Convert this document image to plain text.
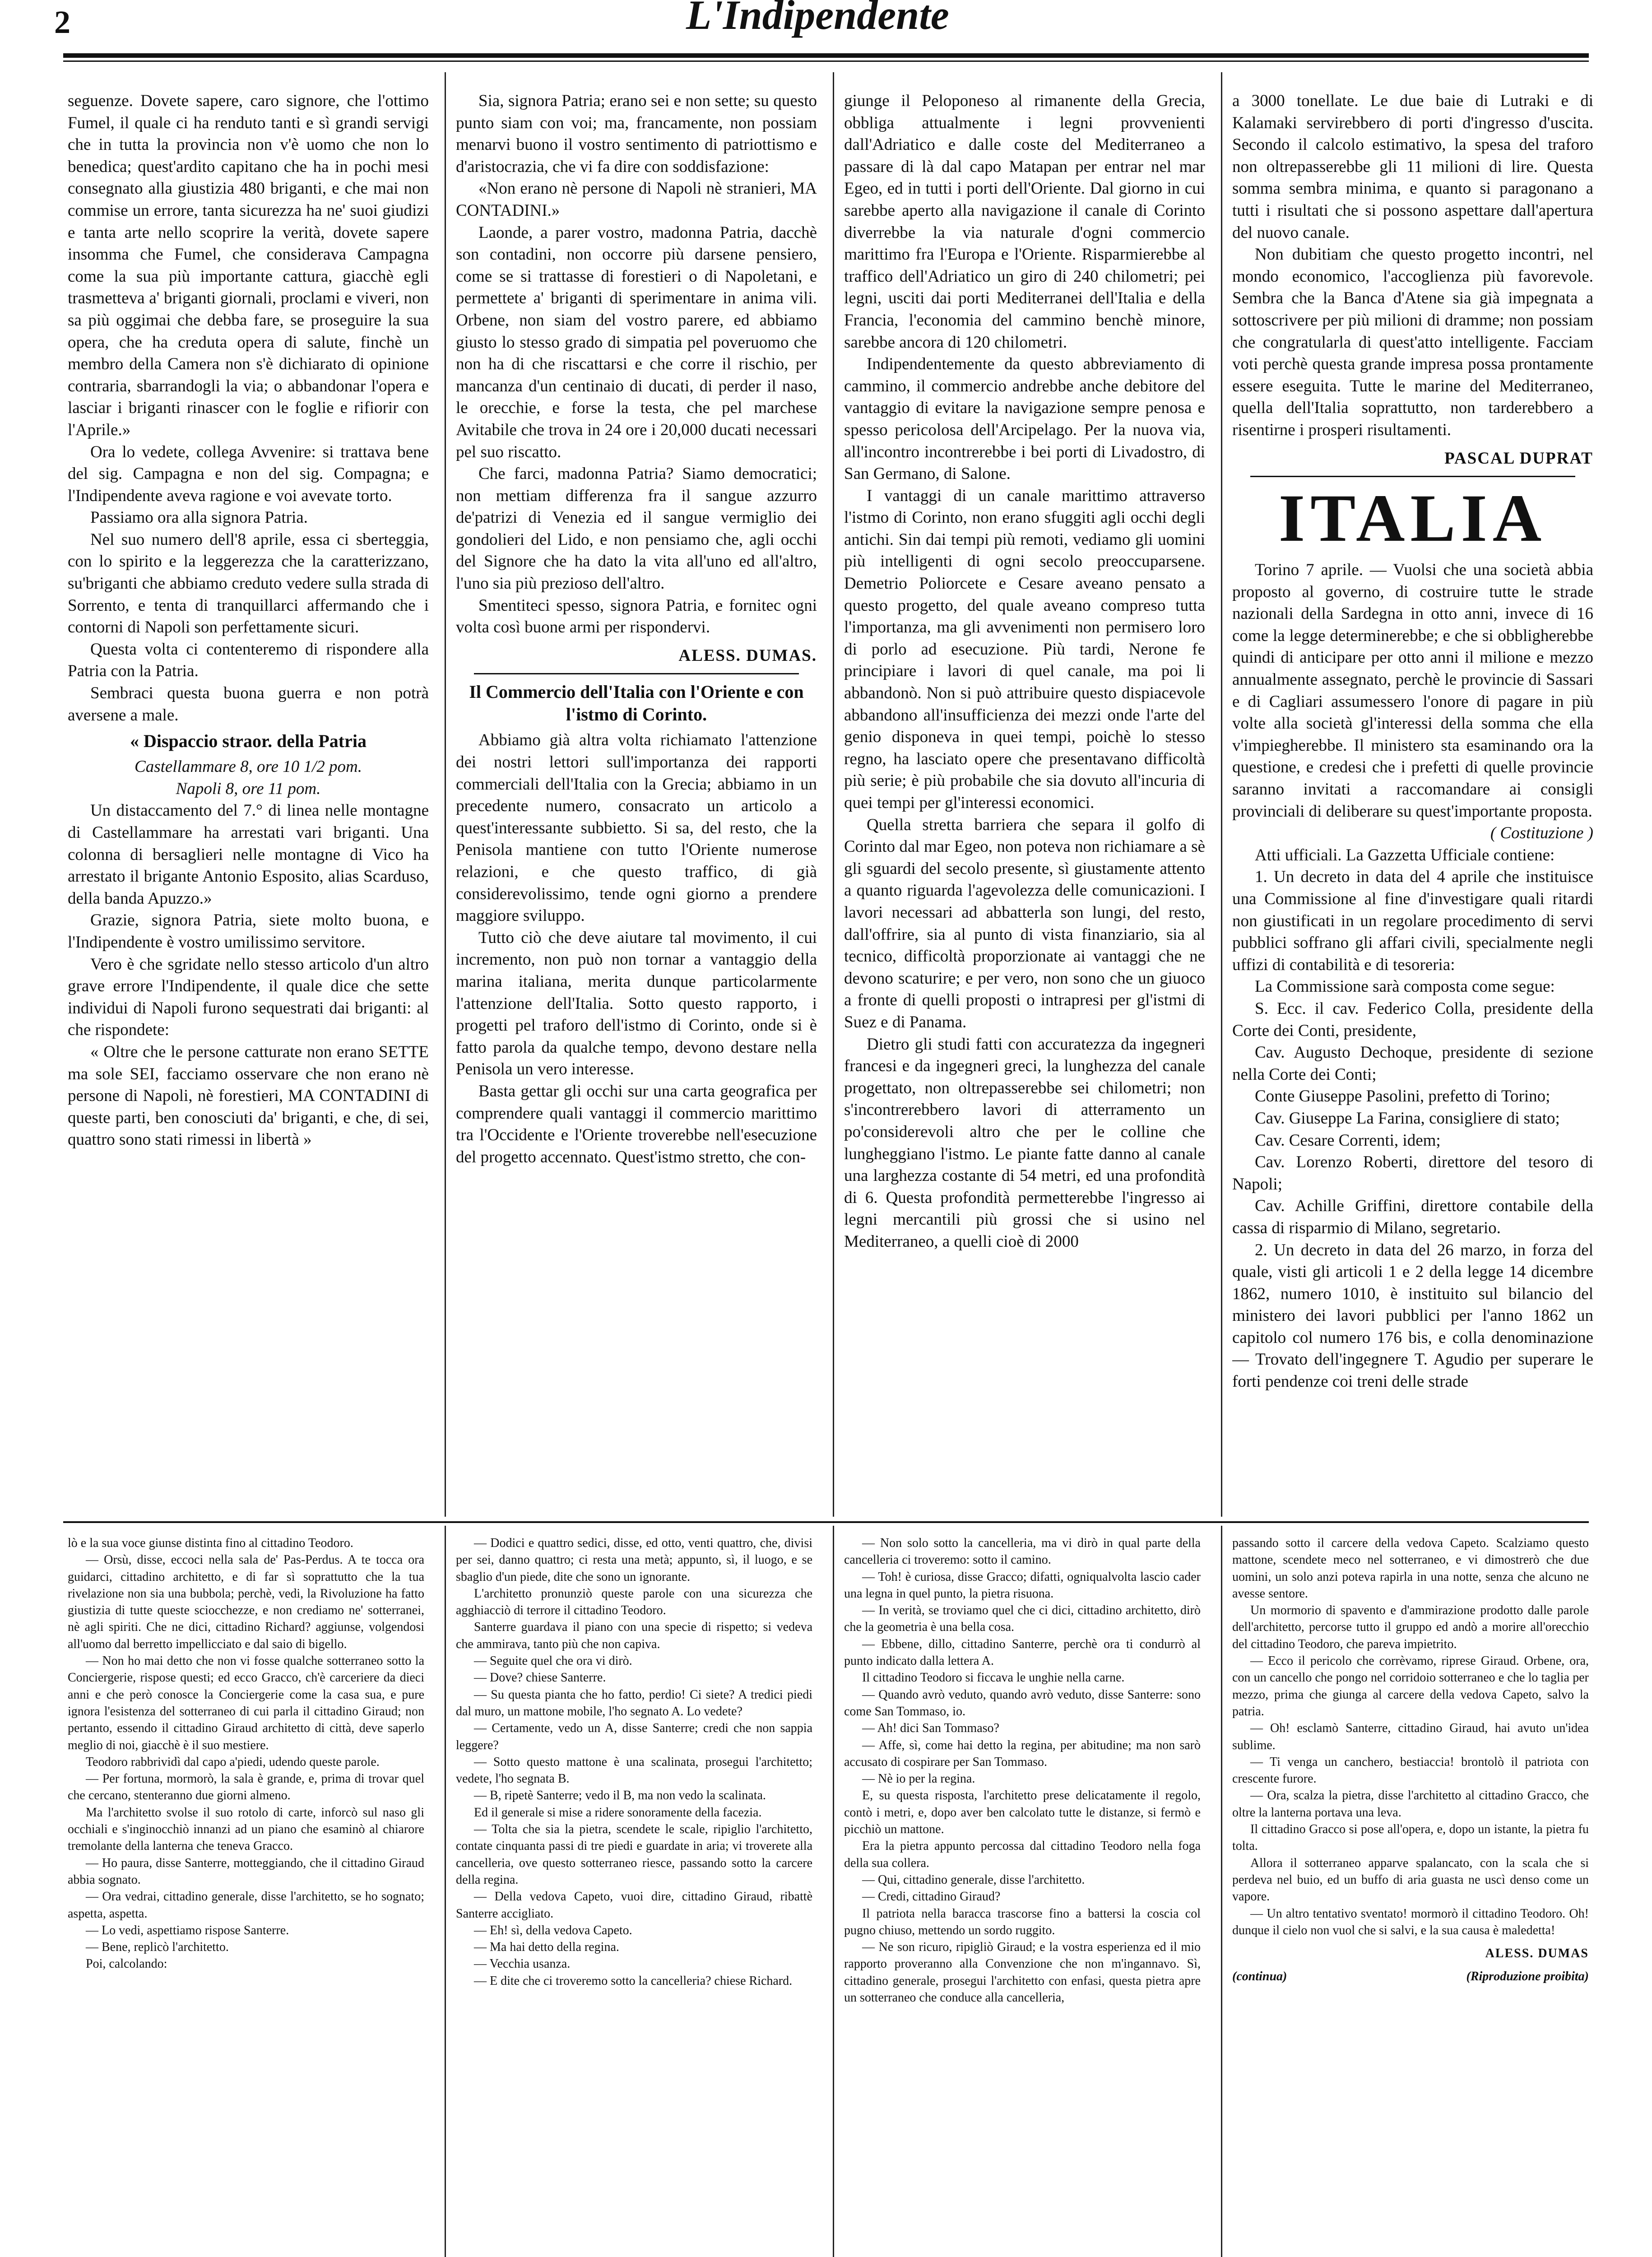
2	L'Indipendente

seguenze. Dovete sapere, caro signore, che l'ottimo Fumel, il quale ci ha renduto tanti e sì grandi servigi che in tutta la provincia non v'è uomo che non lo benedica; quest'ardito capitano che ha in pochi mesi consegnato alla giustizia 480 briganti, e che mai non commise un errore, tanta sicurezza ha ne' suoi giudizi e tanta arte nello scoprire la verità, dovete sapere insomma che Fumel, che considerava Campagna come la sua più importante cattura, giacchè egli trasmetteva a' briganti giornali, proclami e viveri, non sa più oggimai che debba fare, se proseguire la sua opera, che ha creduta opera di salute, finchè un membro della Camera non s'è dichiarato di opinione contraria, sbarrandogli la via; o abbandonar l'opera e lasciar i briganti rinascer con le foglie e rifiorir con l'Aprile.»

Ora lo vedete, collega Avvenire: si trattava bene del sig. Campagna e non del sig. Compagna; e l'Indipendente aveva ragione e voi avevate torto.

Passiamo ora alla signora Patria.

Nel suo numero dell'8 aprile, essa ci sberteggia, con lo spirito e la leggerezza che la caratterizzano, su'briganti che abbiamo creduto vedere sulla strada di Sorrento, e tenta di tranquillarci affermando che i contorni di Napoli son perfettamente sicuri.

Questa volta ci contenteremo di rispondere alla Patria con la Patria.

Sembraci questa buona guerra e non potrà aversene a male.

« Dispaccio straor. della Patria
Castellammare 8, ore 10 1/2 pom.
Napoli 8, ore 11 pom.

Un distaccamento del 7.° di linea nelle montagne di Castellammare ha arrestati vari briganti. Una colonna di bersaglieri nelle montagne di Vico ha arrestato il brigante Antonio Esposito, alias Scarduso, della banda Apuzzo.»

Grazie, signora Patria, siete molto buona, e l'Indipendente è vostro umilissimo servitore.

Vero è che sgridate nello stesso articolo d'un altro grave errore l'Indipendente, il quale dice che sette individui di Napoli furono sequestrati dai briganti: al che rispondete:

« Oltre che le persone catturate non erano SETTE ma sole SEI, facciamo osservare che non erano nè persone di Napoli, nè forestieri, MA CONTADINI di queste parti, ben conosciuti da' briganti, e che, di sei, quattro sono stati rimessi in libertà »

Sia, signora Patria; erano sei e non sette; su questo punto siam con voi; ma, francamente, non possiam menarvi buono il vostro sentimento di patriottismo e d'aristocrazia, che vi fa dire con soddisfazione:

«Non erano nè persone di Napoli nè stranieri, MA CONTADINI.»

Laonde, a parer vostro, madonna Patria, dacchè son contadini, non occorre più darsene pensiero, come se si trattasse di forestieri o di Napoletani, e permettete a' briganti di sperimentare in anima vili. Orbene, non siam del vostro parere, ed abbiamo giusto lo stesso grado di simpatia pel poveruomo che non ha di che riscattarsi e che corre il rischio, per mancanza d'un centinaio di ducati, di perder il naso, le orecchie, e forse la testa, che pel marchese Avitabile che trova in 24 ore i 20,000 ducati necessari pel suo riscatto.

Che farci, madonna Patria? Siamo democratici; non mettiam differenza fra il sangue azzurro de'patrizi di Venezia ed il sangue vermiglio dei gondolieri del Lido, e non pensiamo che, agli occhi del Signore che ha dato la vita all'uno ed all'altro, l'uno sia più prezioso dell'altro.

Smentiteci spesso, signora Patria, e fornitec ogni volta così buone armi per rispondervi.

ALESS. DUMAS.
Il Commercio dell'Italia con l'Oriente e con l'istmo di Corinto.

Abbiamo già altra volta richiamato l'attenzione dei nostri lettori sull'importanza dei rapporti commerciali dell'Italia con la Grecia; abbiamo in un precedente numero, consacrato un articolo a quest'interessante subbietto. Si sa, del resto, che la Penisola mantiene con tutto l'Oriente numerose relazioni, e che questo traffico, di già considerevolissimo, tende ogni giorno a prendere maggiore sviluppo.

Tutto ciò che deve aiutare tal movimento, il cui incremento, non può non tornar a vantaggio della marina italiana, merita dunque particolarmente l'attenzione dell'Italia. Sotto questo rapporto, i progetti pel traforo dell'istmo di Corinto, onde si è fatto parola da qualche tempo, devono destare nella Penisola un vero interesse.

Basta gettar gli occhi sur una carta geografica per comprendere quali vantaggi il commercio marittimo tra l'Occidente e l'Oriente troverebbe nell'esecuzione del progetto accennato. Quest'istmo stretto, che con-

giunge il Peloponeso al rimanente della Grecia, obbliga attualmente i legni provvenienti dall'Adriatico e dalle coste del Mediterraneo a passare di là dal capo Matapan per entrar nel mar Egeo, ed in tutti i porti dell'Oriente. Dal giorno in cui sarebbe aperto alla navigazione il canale di Corinto diverrebbe la via naturale d'ogni commercio marittimo fra l'Europa e l'Oriente. Risparmierebbe al traffico dell'Adriatico un giro di 240 chilometri; pei legni, usciti dai porti Mediterranei dell'Italia e della Francia, l'economia del cammino benchè minore, sarebbe ancora di 120 chilometri.

Indipendentemente da questo abbreviamento di cammino, il commercio andrebbe anche debitore del vantaggio di evitare la navigazione sempre penosa e spesso pericolosa dell'Arcipelago. Per la nuova via, all'incontro incontrerebbe i bei porti di Livadostro, di San Germano, di Salone.

I vantaggi di un canale marittimo attraverso l'istmo di Corinto, non erano sfuggiti agli occhi degli antichi. Sin dai tempi più remoti, vediamo gli uomini più intelligenti di ogni secolo preoccuparsene. Demetrio Poliorcete e Cesare aveano pensato a questo progetto, del quale aveano compreso tutta l'importanza, ma gli avvenimenti non permisero loro di porlo ad esecuzione. Più tardi, Nerone fe principiare i lavori di quel canale, ma poi li abbandonò. Non si può attribuire questo dispiacevole abbandono all'insufficienza dei mezzi onde l'arte del genio disponeva in quei tempi, poichè lo stesso regno, ha lasciato opere che presentavano difficoltà più serie; è più probabile che sia dovuto all'incuria di quei tempi per gl'interessi economici.

Quella stretta barriera che separa il golfo di Corinto dal mar Egeo, non poteva non richiamare a sè gli sguardi del secolo presente, sì giustamente attento a quanto riguarda l'agevolezza delle comunicazioni. I lavori necessari ad abbatterla son lungi, del resto, dall'offrire, sia al punto di vista finanziario, sia al tecnico, difficoltà proporzionate ai vantaggi che ne devono scaturire; e per vero, non sono che un giuoco a fronte di quelli proposti o intrapresi per gl'istmi di Suez e di Panama.

Dietro gli studi fatti con accuratezza da ingegneri francesi e da ingegneri greci, la lunghezza del canale progettato, non oltrepasserebbe sei chilometri; non s'incontrerebbero lavori di atterramento un po'considerevoli altro che per le colline che lungheggiano l'istmo. Le piante fatte danno al canale una larghezza costante di 54 metri, ed una profondità di 6. Questa profondità permetterebbe l'ingresso ai legni mercantili più grossi che si usino nel Mediterraneo, a quelli cioè di 2000

a 3000 tonellate. Le due baie di Lutraki e di Kalamaki servirebbero di porti d'ingresso d'uscita. Secondo il calcolo estimativo, la spesa del traforo non oltrepasserebbe gli 11 milioni di lire. Questa somma sembra minima, e quanto si paragonano a tutti i risultati che si possono aspettare dall'apertura del nuovo canale.

Non dubitiam che questo progetto incontri, nel mondo economico, l'accoglienza più favorevole. Sembra che la Banca d'Atene sia già impegnata a sottoscrivere per più milioni di dramme; non possiam che congratularla di quest'atto intelligente. Facciam voti perchè questa grande impresa possa prontamente essere eseguita. Tutte le marine del Mediterraneo, quella dell'Italia soprattutto, non tarderebbero a risentirne i prosperi risultamenti.

PASCAL DUPRAT
ITALIA

Torino 7 aprile. — Vuolsi che una società abbia proposto al governo, di costruire tutte le strade nazionali della Sardegna in otto anni, invece di 16 come la legge determinerebbe; e che si obbligherebbe quindi di anticipare per otto anni il milione e mezzo annualmente assegnato, perchè le provincie di Sassari e di Cagliari assumessero l'onore di pagare in più volte alla società gl'interessi della somma che ella v'impiegherebbe. Il ministero sta esaminando ora la questione, e credesi che i prefetti di quelle provincie saranno invitati a raccomandare ai consigli provinciali di deliberare su quest'importante proposta.

( Costituzione )

Atti ufficiali. La Gazzetta Ufficiale contiene:

1. Un decreto in data del 4 aprile che instituisce una Commissione al fine d'investigare quali ritardi non giustificati in un regolare procedimento di servi pubblici soffrano gli affari civili, specialmente negli uffizi di contabilità e di tesoreria:

La Commissione sarà composta come segue:

S. Ecc. il cav. Federico Colla, presidente della Corte dei Conti, presidente,

Cav. Augusto Dechoque, presidente di sezione nella Corte dei Conti;

Conte Giuseppe Pasolini, prefetto di Torino;

Cav. Giuseppe La Farina, consigliere di stato;

Cav. Cesare Correnti, idem;

Cav. Lorenzo Roberti, direttore del tesoro di Napoli;

Cav. Achille Griffini, direttore contabile della cassa di risparmio di Milano, segretario.

2. Un decreto in data del 26 marzo, in forza del quale, visti gli articoli 1 e 2 della legge 14 dicembre 1862, numero 1010, è instituito sul bilancio del ministero dei lavori pubblici per l'anno 1862 un capitolo col numero 176 bis, e colla denominazione — Trovato dell'ingegnere T. Agudio per superare le forti pendenze coi treni delle strade

lò e la sua voce giunse distinta fino al cittadino Teodoro.

— Orsù, disse, eccoci nella sala de' Pas-Perdus. A te tocca ora guidarci, cittadino architetto, e di far sì soprattutto che la tua rivelazione non sia una bubbola; perchè, vedi, la Rivoluzione ha fatto giustizia di tutte queste sciocchezze, e non crediamo ne' sotterranei, nè agli spiriti. Che ne dici, cittadino Richard? aggiunse, volgendosi all'uomo dal berretto impellicciato e dal saio di bigello.

— Non ho mai detto che non vi fosse qualche sotterraneo sotto la Conciergerie, rispose questi; ed ecco Gracco, ch'è carceriere da dieci anni e che però conosce la Conciergerie come la casa sua, e pure ignora l'esistenza del sotterraneo di cui parla il cittadino Giraud; non pertanto, essendo il cittadino Giraud architetto di città, deve saperlo meglio di noi, giacchè è il suo mestiere.

Teodoro rabbrividì dal capo a'piedi, udendo queste parole.

— Per fortuna, mormorò, la sala è grande, e, prima di trovar quel che cercano, stenteranno due giorni almeno.

Ma l'architetto svolse il suo rotolo di carte, inforcò sul naso gli occhiali e s'inginocchiò innanzi ad un piano che esaminò al chiarore tremolante della lanterna che teneva Gracco.

— Ho paura, disse Santerre, motteggiando, che il cittadino Giraud abbia sognato.

— Ora vedrai, cittadino generale, disse l'architetto, se ho sognato; aspetta, aspetta.

— Lo vedi, aspettiamo rispose Santerre.

— Bene, replicò l'architetto.

Poi, calcolando:

— Dodici e quattro sedici, disse, ed otto, venti quattro, che, divisi per sei, danno quattro; ci resta una metà; appunto, sì, il luogo, e se sbaglio d'un piede, dite che sono un ignorante.

L'architetto pronunziò queste parole con una sicurezza che agghiacciò di terrore il cittadino Teodoro.

Santerre guardava il piano con una specie di rispetto; si vedeva che ammirava, tanto più che non capiva.

— Seguite quel che ora vi dirò.

— Dove? chiese Santerre.

— Su questa pianta che ho fatto, perdio! Ci siete? A tredici piedi dal muro, un mattone mobile, l'ho segnato A. Lo vedete?

— Certamente, vedo un A, disse Santerre; credi che non sappia leggere?

— Sotto questo mattone è una scalinata, prosegui l'architetto; vedete, l'ho segnata B.

— B, ripetè Santerre; vedo il B, ma non vedo la scalinata.

Ed il generale si mise a ridere sonoramente della facezia.

— Tolta che sia la pietra, scendete le scale, ripiglio l'architetto, contate cinquanta passi di tre piedi e guardate in aria; vi troverete alla cancelleria, ove questo sotterraneo riesce, passando sotto la carcere della regina.

— Della vedova Capeto, vuoi dire, cittadino Giraud, ribattè Santerre accigliato.

— Eh! sì, della vedova Capeto.

— Ma hai detto della regina.

— Vecchia usanza.

— E dite che ci troveremo sotto la cancelleria? chiese Richard.

— Non solo sotto la cancelleria, ma vi dirò in qual parte della cancelleria ci troveremo: sotto il camino.

— Toh! è curiosa, disse Gracco; difatti, ogniqualvolta lascio cader una legna in quel punto, la pietra risuona.

— In verità, se troviamo quel che ci dici, cittadino architetto, dirò che la geometria è una bella cosa.

— Ebbene, dillo, cittadino Santerre, perchè ora ti condurrò al punto indicato dalla lettera A.

Il cittadino Teodoro si ficcava le unghie nella carne.

— Quando avrò veduto, quando avrò veduto, disse Santerre: sono come San Tommaso, io.

— Ah! dici San Tommaso?

— Affe, sì, come hai detto la regina, per abitudine; ma non sarò accusato di cospirare per San Tommaso.

— Nè io per la regina.

E, su questa risposta, l'architetto prese delicatamente il regolo, contò i metri, e, dopo aver ben calcolato tutte le distanze, si fermò e picchiò un mattone.

Era la pietra appunto percossa dal cittadino Teodoro nella foga della sua collera.

— Qui, cittadino generale, disse l'architetto.

— Credi, cittadino Giraud?

Il patriota nella baracca trascorse fino a battersi la coscia col pugno chiuso, mettendo un sordo ruggito.

— Ne son ricuro, ripigliò Giraud; e la vostra esperienza ed il mio rapporto proveranno alla Convenzione che non m'ingannavo. Sì, cittadino generale, prosegui l'architetto con enfasi, questa pietra apre un sotterraneo che conduce alla cancelleria,

passando sotto il carcere della vedova Capeto. Scalziamo questo mattone, scendete meco nel sotterraneo, e vi dimostrerò che due uomini, un solo anzi poteva rapirla in una notte, senza che alcuno ne avesse sentore.

Un mormorio di spavento e d'ammirazione prodotto dalle parole dell'architetto, percorse tutto il gruppo ed andò a morire all'orecchio del cittadino Teodoro, che pareva impietrito.

— Ecco il pericolo che corrèvamo, riprese Giraud. Orbene, ora, con un cancello che pongo nel corridoio sotterraneo e che lo taglia per mezzo, prima che giunga al carcere della vedova Capeto, salvo la patria.

— Oh! esclamò Santerre, cittadino Giraud, hai avuto un'idea sublime.

— Ti venga un canchero, bestiaccia! brontolò il patriota con crescente furore.

— Ora, scalza la pietra, disse l'architetto al cittadino Gracco, che oltre la lanterna portava una leva.

Il cittadino Gracco si pose all'opera, e, dopo un istante, la pietra fu tolta.

Allora il sotterraneo apparve spalancato, con la scala che si perdeva nel buio, ed un buffo di aria guasta ne uscì denso come un vapore.

— Un altro tentativo sventato! mormorò il cittadino Teodoro. Oh! dunque il cielo non vuol che si salvi, e la sua causa è maledetta!

ALESS. DUMAS
(continua)	(Riproduzione proibita)
